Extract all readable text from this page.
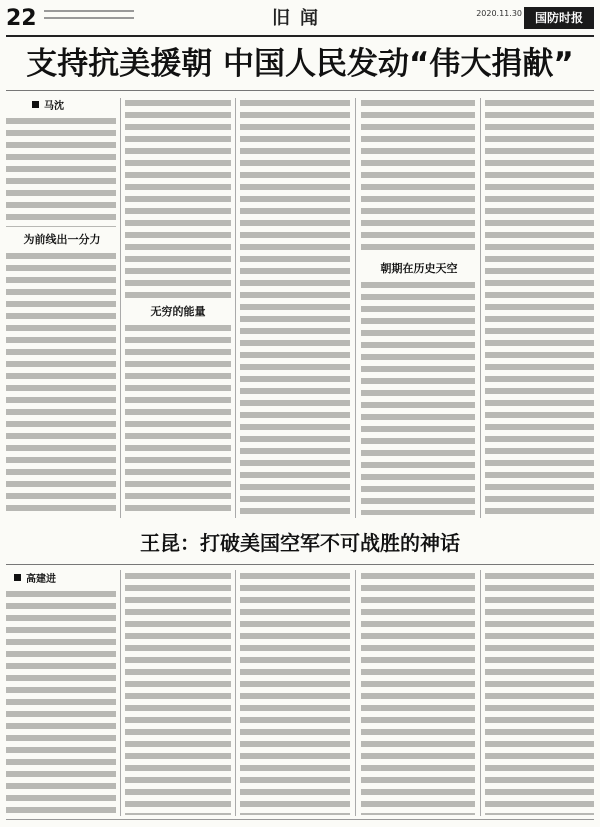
22	旧闻	2020.11.30	国防时报
支持抗美援朝 中国人民发动“伟大捐献”
马沈
为前线出一分力
无穷的能量
朝期在历史天空
王昆：打破美国空军不可战胜的神话
高建进
